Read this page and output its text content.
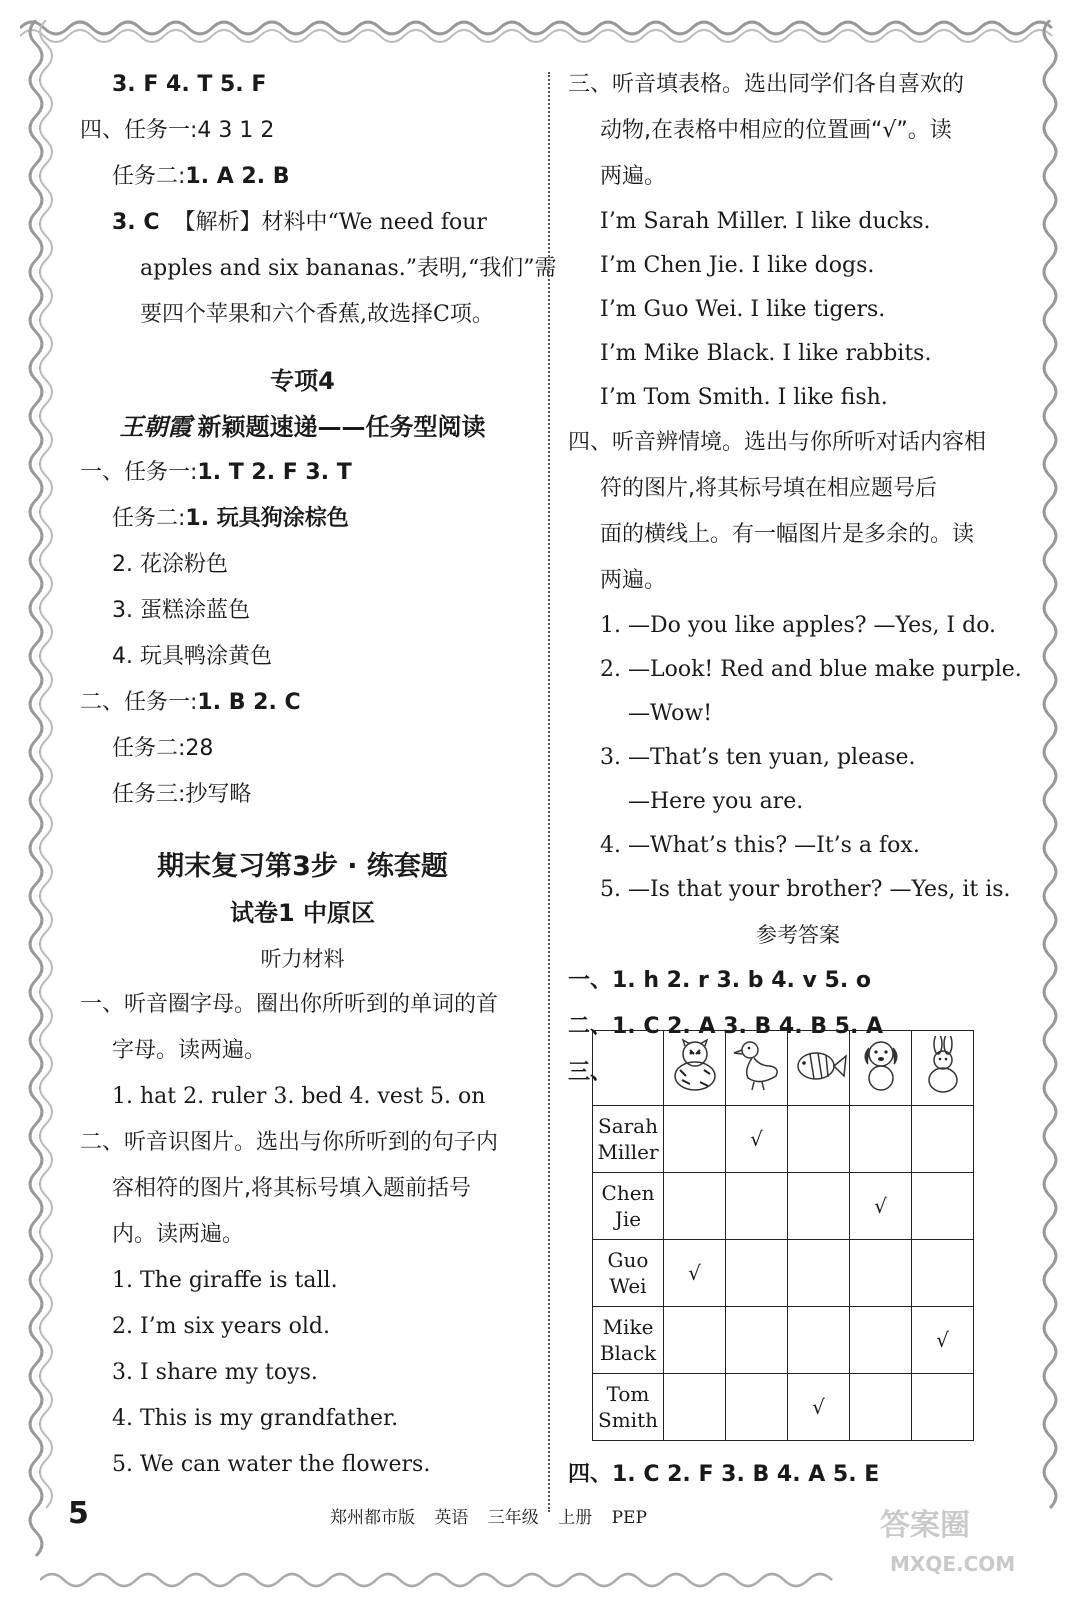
3. F 4. T 5. F
四、任务一:4 3 1 2
任务二:1. A 2. B
3. C 【解析】材料中“We need four
apples and six bananas.”表明,“我们”需
要四个苹果和六个香蕉,故选择C项。
专项4
王朝霞 新颖题速递——任务型阅读
一、任务一:1. T 2. F 3. T
任务二:1. 玩具狗涂棕色
2. 花涂粉色
3. 蛋糕涂蓝色
4. 玩具鸭涂黄色
二、任务一:1. B 2. C
任务二:28
任务三:抄写略
期末复习第3步 · 练套题
试卷1 中原区
听力材料
一、听音圈字母。圈出你所听到的单词的首
字母。读两遍。
1. hat 2. ruler 3. bed 4. vest 5. on
二、听音识图片。选出与你所听到的句子内
容相符的图片,将其标号填入题前括号
内。读两遍。
1. The giraffe is tall.
2. I’m six years old.
3. I share my toys.
4. This is my grandfather.
5. We can water the flowers.
三、听音填表格。选出同学们各自喜欢的
动物,在表格中相应的位置画“√”。读
两遍。
I’m Sarah Miller. I like ducks.
I’m Chen Jie. I like dogs.
I’m Guo Wei. I like tigers.
I’m Mike Black. I like rabbits.
I’m Tom Smith. I like fish.
四、听音辨情境。选出与你所听对话内容相
符的图片,将其标号填在相应题号后
面的横线上。有一幅图片是多余的。读
两遍。
1. —Do you like apples? —Yes, I do.
2. —Look! Red and blue make purple.
—Wow!
3. —That’s ten yuan, please.
—Here you are.
4. —What’s this? —It’s a fox.
5. —Is that your brother? —Yes, it is.
参考答案
一、1. h 2. r 3. b 4. v 5. o
二、1. C 2. A 3. B 4. B 5. A
三、

Sarah
Miller		√			
Chen
Jie				√	
Guo
Wei	√				
Mike
Black					√
Tom
Smith			√		
四、1. C 2. F 3. B 4. A 5. E
5	郑州都市版 英语 三年级 上册 PEP	答案圈
MXQE.COM
